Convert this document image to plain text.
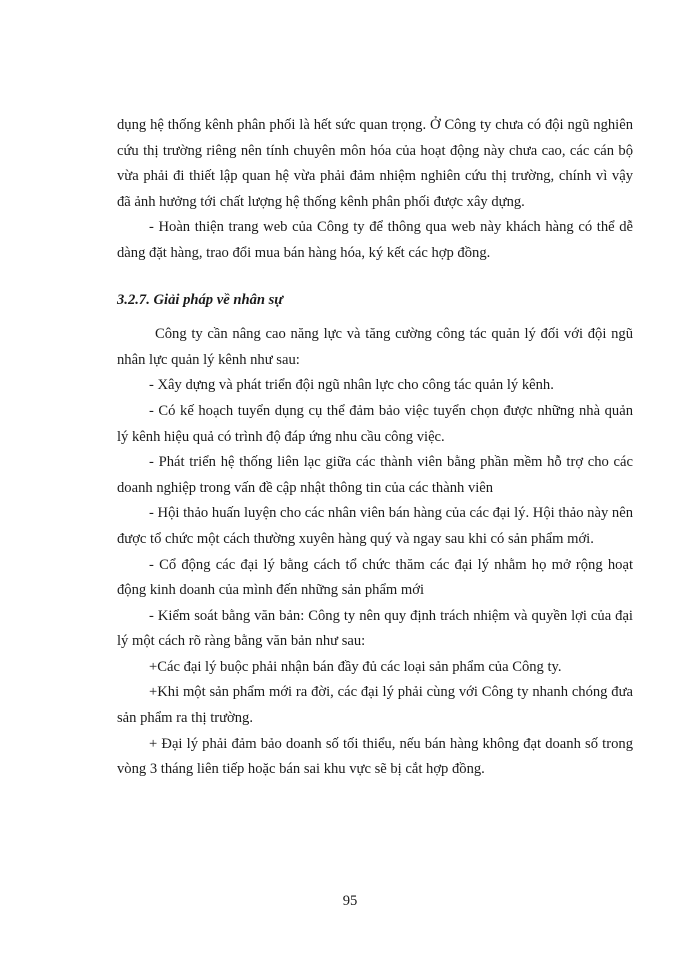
dụng hệ thống kênh phân phối là hết sức quan trọng. Ở Công ty chưa có đội ngũ nghiên cứu thị trường riêng nên tính chuyên môn hóa của hoạt động này chưa cao, các cán bộ vừa phải đi thiết lập quan hệ vừa phải đảm nhiệm nghiên cứu thị trường, chính vì vậy đã ảnh hưởng tới chất lượng hệ thống kênh phân phối được xây dựng.

- Hoàn thiện trang web của Công ty để thông qua web này khách hàng có thể dễ dàng đặt hàng, trao đổi mua bán hàng hóa, ký kết các hợp đồng.

3.2.7. Giải pháp về nhân sự

Công ty cần nâng cao năng lực và tăng cường công tác quản lý đối với đội ngũ nhân lực quản lý kênh như sau:

- Xây dựng và phát triển đội ngũ nhân lực cho công tác quản lý kênh.

- Có kế hoạch tuyển dụng cụ thể đảm bảo việc tuyển chọn được những nhà quản lý kênh hiệu quả có trình độ đáp ứng nhu cầu công việc.

- Phát triển hệ thống liên lạc giữa các thành viên bằng phần mềm hỗ trợ cho các doanh nghiệp trong vấn đề cập nhật thông tin của các thành viên

- Hội thảo huấn luyện cho các nhân viên bán hàng của các đại lý. Hội thảo này nên được tổ chức một cách thường xuyên hàng quý và ngay sau khi có sản phẩm mới.

- Cổ động các đại lý bằng cách tổ chức thăm các đại lý nhằm họ mở rộng hoạt động kinh doanh của mình đến những sản phẩm mới

- Kiểm soát bằng văn bản: Công ty nên quy định trách nhiệm và quyền lợi của đại lý một cách rõ ràng bằng văn bản như sau:

+Các đại lý buộc phải nhận bán đầy đủ các loại sản phẩm của Công ty.

+Khi một sản phẩm mới ra đời, các đại lý phải cùng với Công ty nhanh chóng đưa sản phẩm ra thị trường.

+ Đại lý phải đảm bảo doanh số tối thiểu, nếu bán hàng không đạt doanh số trong vòng 3 tháng liên tiếp hoặc bán sai khu vực sẽ bị cắt hợp đồng.

95
